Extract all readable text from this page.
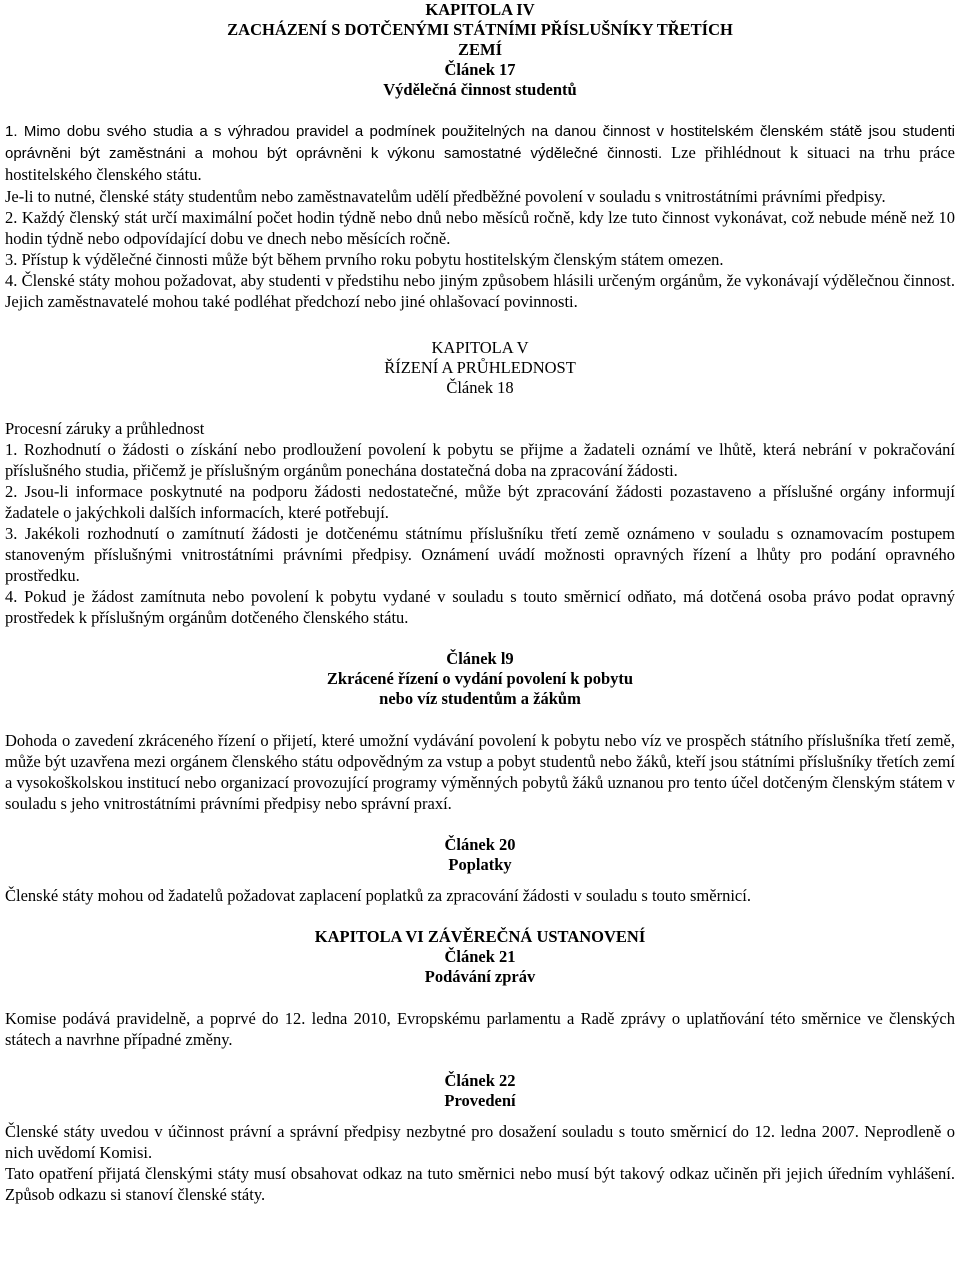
KAPITOLA IV
ZACHÁZENÍ S DOTČENÝMI STÁTNÍMI PŘÍSLUŠNÍKY TŘETÍCH
ZEMÍ
Článek 17
Výdělečná činnost studentů

1. Mimo dobu svého studia a s výhradou pravidel a podmínek použitelných na danou činnost v hostitelském členském státě jsou studenti oprávněni být zaměstnáni a mohou být oprávněni k výkonu samostatné výdělečné činnosti. Lze přihlédnout k situaci na trhu práce hostitelského členského státu.

Je-li to nutné, členské státy studentům nebo zaměstnavatelům udělí předběžné povolení v souladu s vnitrostátními právními předpisy.

2. Každý členský stát určí maximální počet hodin týdně nebo dnů nebo měsíců ročně, kdy lze tuto činnost vykonávat, což nebude méně než 10 hodin týdně nebo odpovídající dobu ve dnech nebo měsících ročně.

3. Přístup k výdělečné činnosti může být během prvního roku pobytu hostitelským členským státem omezen.

4. Členské státy mohou požadovat, aby studenti v předstihu nebo jiným způsobem hlásili určeným orgánům, že vykonávají výdělečnou činnost. Jejich zaměstnavatelé mohou také podléhat předchozí nebo jiné ohlašovací povinnosti.

KAPITOLA V
ŘÍZENÍ A PRŮHLEDNOST
Článek 18

Procesní záruky a průhlednost

1. Rozhodnutí o žádosti o získání nebo prodloužení povolení k pobytu se přijme a žadateli oznámí ve lhůtě, která nebrání v pokračování příslušného studia, přičemž je příslušným orgánům ponechána dostatečná doba na zpracování žádosti.

2. Jsou-li informace poskytnuté na podporu žádosti nedostatečné, může být zpracování žádosti pozastaveno a příslušné orgány informují žadatele o jakýchkoli dalších informacích, které potřebují.

3. Jakékoli rozhodnutí o zamítnutí žádosti je dotčenému státnímu příslušníku třetí země oznámeno v souladu s oznamovacím postupem stanoveným příslušnými vnitrostátními právními předpisy. Oznámení uvádí možnosti opravných řízení a lhůty pro podání opravného prostředku.

4. Pokud je žádost zamítnuta nebo povolení k pobytu vydané v souladu s touto směrnicí odňato, má dotčená osoba právo podat opravný prostředek k příslušným orgánům dotčeného členského státu.

Článek l9
Zkrácené řízení o vydání povolení k pobytu
nebo víz studentům a žákům

Dohoda o zavedení zkráceného řízení o přijetí, které umožní vydávání povolení k pobytu nebo víz ve prospěch státního příslušníka třetí země, může být uzavřena mezi orgánem členského státu odpovědným za vstup a pobyt studentů nebo žáků, kteří jsou státními příslušníky třetích zemí a vysokoškolskou institucí nebo organizací provozující programy výměnných pobytů žáků uznanou pro tento účel dotčeným členským státem v souladu s jeho vnitrostátními právními předpisy nebo správní praxí.

Článek 20
Poplatky

Členské státy mohou od žadatelů požadovat zaplacení poplatků za zpracování žádosti v souladu s touto směrnicí.

KAPITOLA VI ZÁVĚREČNÁ USTANOVENÍ
Článek 21
Podávání zpráv

Komise podává pravidelně, a poprvé do 12. ledna 2010, Evropskému parlamentu a Radě zprávy o uplatňování této směrnice ve členských státech a navrhne případné změny.

Článek 22
Provedení

Členské státy uvedou v účinnost právní a správní předpisy nezbytné pro dosažení souladu s touto směrnicí do 12. ledna 2007. Neprodleně o nich uvědomí Komisi.

Tato opatření přijatá členskými státy musí obsahovat odkaz na tuto směrnici nebo musí být takový odkaz učiněn při jejich úředním vyhlášení. Způsob odkazu si stanoví členské státy.
